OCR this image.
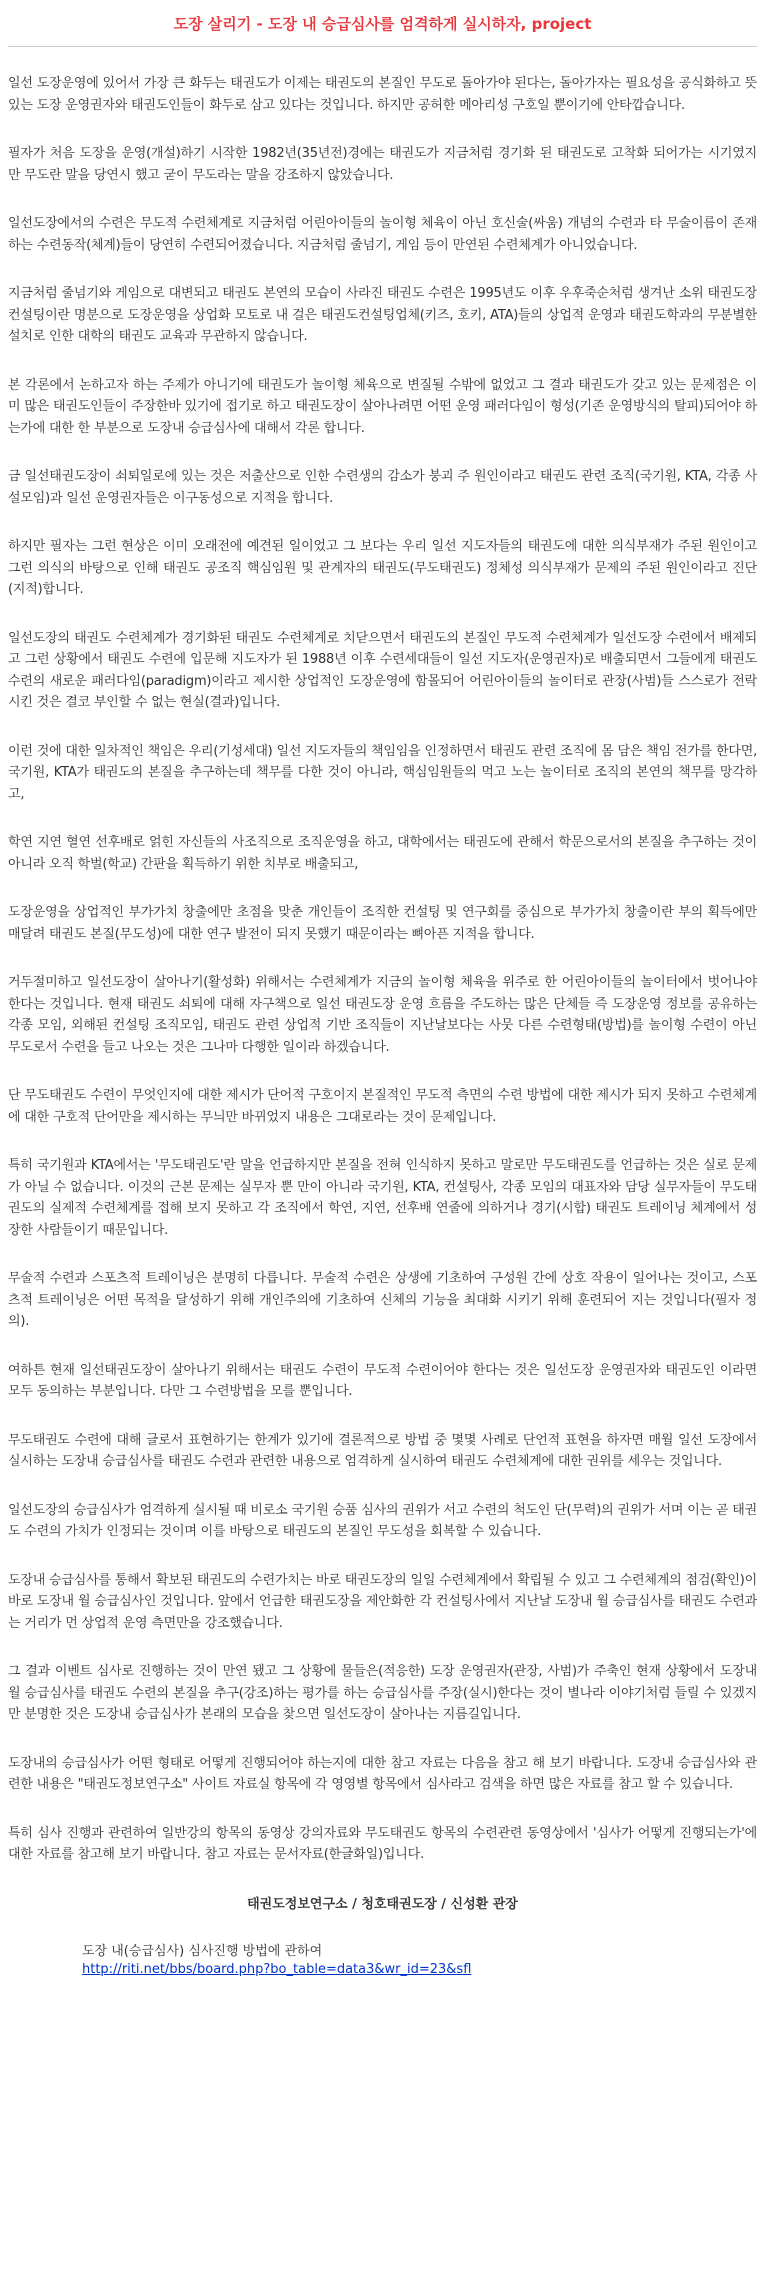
도장 살리기 - 도장 내 승급심사를 엄격하게 실시하자, project

일선 도장운영에 있어서 가장 큰 화두는 태권도가 이제는 태권도의 본질인 무도로 돌아가야 된다는, 돌아가자는 필요성을 공식화하고 뜻있는 도장 운영권자와 태권도인들이 화두로 삼고 있다는 것입니다. 하지만 공허한 메아리성 구호일 뿐이기에 안타깝습니다.

필자가 처음 도장을 운영(개설)하기 시작한 1982년(35년전)경에는 태권도가 지금처럼 경기화 된 태권도로 고착화 되어가는 시기였지만 무도란 말을 당연시 했고 굳이 무도라는 말을 강조하지 않았습니다.

일선도장에서의 수련은 무도적 수련체계로 지금처럼 어린아이들의 놀이형 체육이 아닌 호신술(싸움) 개념의 수련과 타 무술이름이 존재하는 수련동작(체계)들이 당연히 수련되어졌습니다. 지금처럼 줄넘기, 게임 등이 만연된 수련체계가 아니었습니다.

지금처럼 줄넘기와 게임으로 대변되고 태권도 본연의 모습이 사라진 태권도 수련은 1995년도 이후 우후죽순처럼 생겨난 소위 태권도장 컨설팅이란 명분으로 도장운영을 상업화 모토로 내 걸은 태권도컨설팅업체(키즈, 호키, ATA)들의 상업적 운영과 태권도학과의 무분별한 설치로 인한 대학의 태권도 교육과 무관하지 않습니다.

본 각론에서 논하고자 하는 주제가 아니기에 태권도가 놀이형 체육으로 변질될 수밖에 없었고 그 결과 태권도가 갖고 있는 문제점은 이미 많은 태권도인들이 주장한바 있기에 접기로 하고 태권도장이 살아나려면 어떤 운영 패러다임이 형성(기존 운영방식의 탈피)되어야 하는가에 대한 한 부분으로 도장내 승급심사에 대해서 각론 합니다.

금 일선태권도장이 쇠퇴일로에 있는 것은 저출산으로 인한 수련생의 감소가 붕괴 주 원인이라고 태권도 관련 조직(국기원, KTA, 각종 사설모임)과 일선 운영권자들은 이구동성으로 지적을 합니다.

하지만 필자는 그런 현상은 이미 오래전에 예견된 일이었고 그 보다는 우리 일선 지도자들의 태권도에 대한 의식부재가 주된 원인이고 그런 의식의 바탕으로 인해 태권도 공조직 핵심임원 및 관계자의 태권도(무도태권도) 정체성 의식부재가 문제의 주된 원인이라고 진단(지적)합니다.

일선도장의 태권도 수련체계가 경기화된 태권도 수련체계로 치닫으면서 태권도의 본질인 무도적 수련체계가 일선도장 수련에서 배제되고 그런 상황에서 태권도 수련에 입문해 지도자가 된 1988년 이후 수련세대들이 일선 지도자(운영권자)로 배출되면서 그들에게 태권도 수련의 새로운 패러다임(paradigm)이라고 제시한 상업적인 도장운영에 함몰되어 어린아이들의 놀이터로 관장(사범)들 스스로가 전락 시킨 것은 결코 부인할 수 없는 현실(결과)입니다.

이런 것에 대한 일차적인 책임은 우리(기성세대) 일선 지도자들의 책임임을 인정하면서 태권도 관련 조직에 몸 담은 책임 전가를 한다면, 국기원, KTA가 태권도의 본질을 추구하는데 책무를 다한 것이 아니라, 핵심임원들의 먹고 노는 놀이터로 조직의 본연의 책무를 망각하고,

학연 지연 혈연 선후배로 얽힌 자신들의 사조직으로 조직운영을 하고, 대학에서는 태권도에 관해서 학문으로서의 본질을 추구하는 것이 아니라 오직 학벌(학교) 간판을 획득하기 위한 치부로 배출되고,

도장운영을 상업적인 부가가치 창출에만 초점을 맞춘 개인들이 조직한 컨설팅 및 연구회를 중심으로 부가가치 창출이란 부의 획득에만 매달려 태권도 본질(무도성)에 대한 연구 발전이 되지 못했기 때문이라는 뼈아픈 지적을 합니다.

거두절미하고 일선도장이 살아나기(활성화) 위해서는 수련체계가 지금의 놀이형 체육을 위주로 한 어린아이들의 놀이터에서 벗어나야 한다는 것입니다. 현재 태권도 쇠퇴에 대해 자구책으로 일선 태권도장 운영 흐름을 주도하는 많은 단체들 즉 도장운영 정보를 공유하는 각종 모임, 외해된 컨설팅 조직모임, 태권도 관련 상업적 기반 조직들이 지난날보다는 사뭇 다른 수련형태(방법)를 놀이형 수련이 아닌 무도로서 수련을 들고 나오는 것은 그나마 다행한 일이라 하겠습니다.

단 무도태권도 수련이 무엇인지에 대한 제시가 단어적 구호이지 본질적인 무도적 측면의 수련 방법에 대한 제시가 되지 못하고 수련체계에 대한 구호적 단어만을 제시하는 무늬만 바뀌었지 내용은 그대로라는 것이 문제입니다.

특히 국기원과 KTA에서는 '무도태권도'란 말을 언급하지만 본질을 전혀 인식하지 못하고 말로만 무도태권도를 언급하는 것은 실로 문제가 아닐 수 없습니다. 이것의 근본 문제는 실무자 뿐 만이 아니라 국기원, KTA, 컨설팅사, 각종 모임의 대표자와 담당 실무자들이 무도태권도의 실제적 수련체계를 접해 보지 못하고 각 조직에서 학연, 지연, 선후배 연줄에 의하거나 경기(시합) 태권도 트레이닝 체계에서 성장한 사람들이기 때문입니다.

무술적 수련과 스포츠적 트레이닝은 분명히 다릅니다. 무술적 수련은 상생에 기초하여 구성원 간에 상호 작용이 일어나는 것이고, 스포츠적 트레이닝은 어떤 목적을 달성하기 위해 개인주의에 기초하여 신체의 기능을 최대화 시키기 위해 훈련되어 지는 것입니다(필자 정의).

여하튼 현재 일선태권도장이 살아나기 위해서는 태권도 수련이 무도적 수련이어야 한다는 것은 일선도장 운영권자와 태권도인 이라면 모두 동의하는 부분입니다. 다만 그 수련방법을 모를 뿐입니다.

무도태권도 수련에 대해 글로서 표현하기는 한계가 있기에 결론적으로 방법 중 몇몇 사례로 단언적 표현을 하자면 매월 일선 도장에서 실시하는 도장내 승급심사를 태권도 수련과 관련한 내용으로 엄격하게 실시하여 태권도 수련체계에 대한 권위를 세우는 것입니다.

일선도장의 승급심사가 엄격하게 실시될 때 비로소 국기원 승품 심사의 권위가 서고 수련의 척도인 단(무력)의 권위가 서며 이는 곧 태권도 수련의 가치가 인정되는 것이며 이를 바탕으로 태권도의 본질인 무도성을 회복할 수 있습니다.

도장내 승급심사를 통해서 확보된 태권도의 수련가치는 바로 태권도장의 일일 수련체계에서 확립될 수 있고 그 수련체계의 점검(확인)이 바로 도장내 월 승급심사인 것입니다. 앞에서 언급한 태권도장을 제안화한 각 컨설팅사에서 지난날 도장내 월 승급심사를 태권도 수련과는 거리가 먼 상업적 운영 측면만을 강조했습니다.

그 결과 이벤트 심사로 진행하는 것이 만연 됐고 그 상황에 물들은(적응한) 도장 운영권자(관장, 사범)가 주축인 현재 상황에서 도장내 월 승급심사를 태권도 수련의 본질을 추구(강조)하는 평가를 하는 승급심사를 주장(실시)한다는 것이 별나라 이야기처럼 들릴 수 있겠지만 분명한 것은 도장내 승급심사가 본래의 모습을 찾으면 일선도장이 살아나는 지름길입니다.

도장내의 승급심사가 어떤 형태로 어떻게 진행되어야 하는지에 대한 참고 자료는 다음을 참고 해 보기 바랍니다. 도장내 승급심사와 관련한 내용은 "태권도정보연구소" 사이트 자료실 항목에 각 영영별 항목에서 심사라고 검색을 하면 많은 자료를 참고 할 수 있습니다.

특히 심사 진행과 관련하여 일반강의 항목의 동영상 강의자료와 무도태권도 항목의 수련관련 동영상에서 '심사가 어떻게 진행되는가'에 대한 자료를 참고해 보기 바랍니다. 참고 자료는 문서자료(한글화일)입니다.

태권도정보연구소 / 청호태권도장 / 신성환 관장
도장 내(승급심사) 심사진행 방법에 관하여
http://riti.net/bbs/board.php?bo_table=data3&wr_id=23&sfl
